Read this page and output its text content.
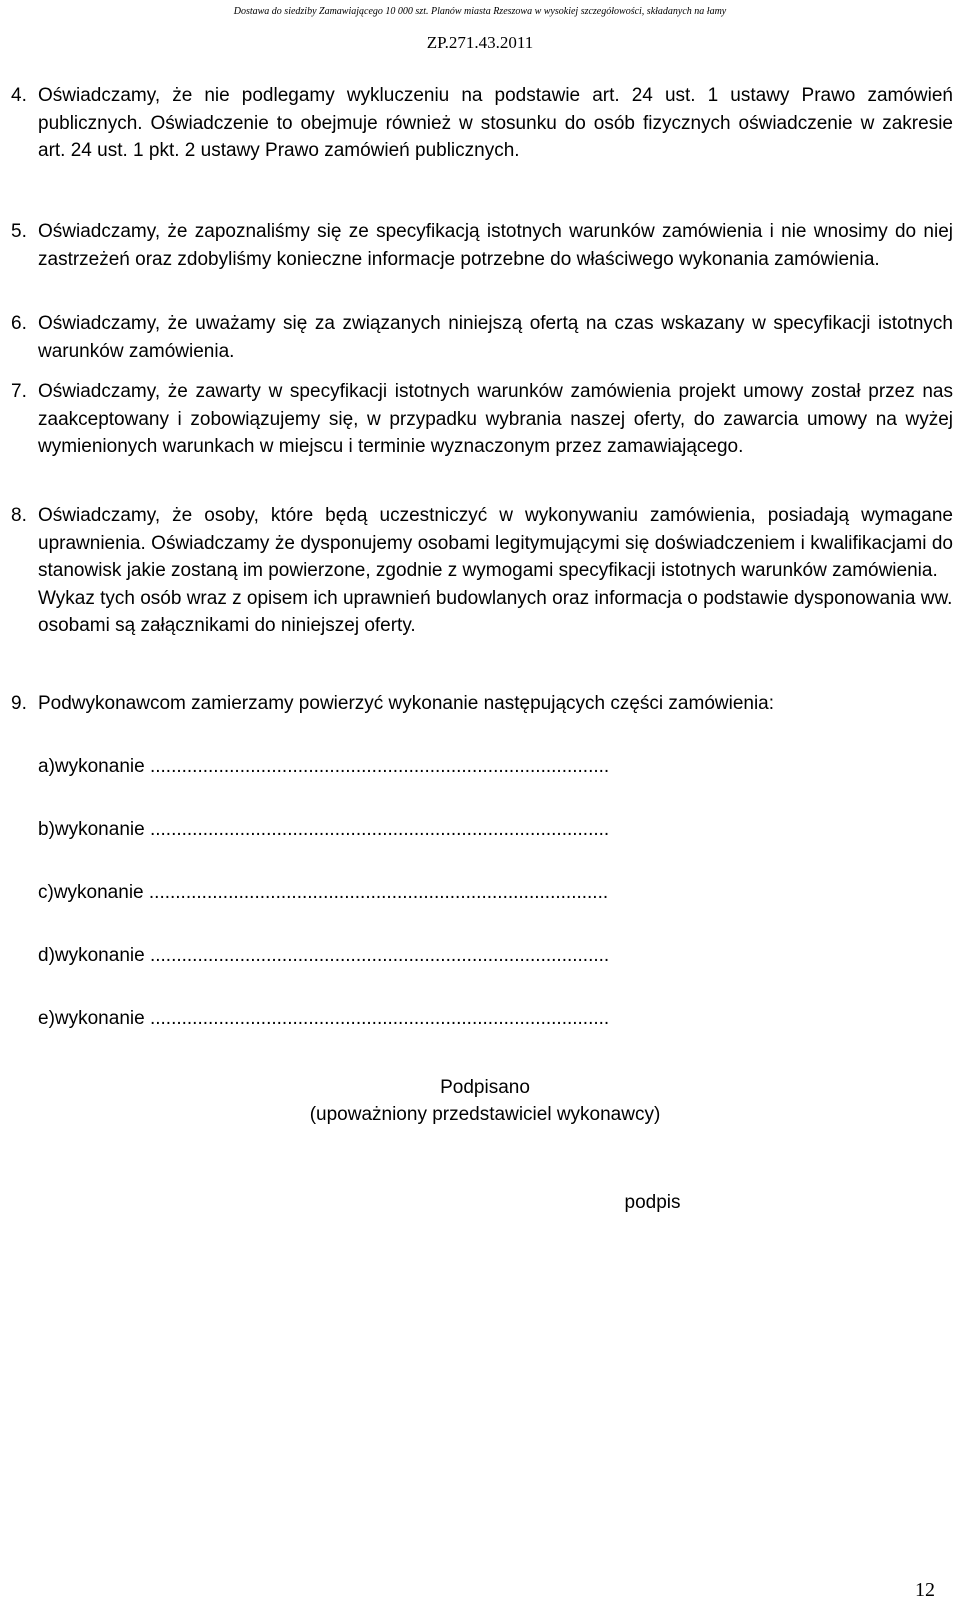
Dostawa do siedziby Zamawiającego 10 000 szt. Planów miasta Rzeszowa w wysokiej szczegółowości, składanych na łamy
ZP.271.43.2011
4. Oświadczamy, że nie podlegamy wykluczeniu na podstawie art. 24 ust. 1 ustawy Prawo zamówień publicznych. Oświadczenie to obejmuje również w stosunku do osób fizycznych oświadczenie w zakresie art. 24 ust. 1 pkt. 2 ustawy Prawo zamówień publicznych.
5. Oświadczamy, że zapoznaliśmy się ze specyfikacją istotnych warunków zamówienia i nie wnosimy do niej zastrzeżeń oraz zdobyliśmy konieczne informacje potrzebne do właściwego wykonania zamówienia.
6. Oświadczamy, że uważamy się za związanych niniejszą ofertą na czas wskazany w specyfikacji istotnych warunków zamówienia.
7. Oświadczamy, że zawarty w specyfikacji istotnych warunków zamówienia projekt umowy został przez nas zaakceptowany i zobowiązujemy się, w przypadku wybrania naszej oferty, do zawarcia umowy na wyżej wymienionych warunkach w miejscu i terminie wyznaczonym przez zamawiającego.
8. Oświadczamy, że osoby, które będą uczestniczyć w wykonywaniu zamówienia, posiadają wymagane uprawnienia. Oświadczamy że dysponujemy osobami legitymującymi się doświadczeniem i kwalifikacjami do stanowisk jakie zostaną im powierzone, zgodnie z wymogami specyfikacji istotnych warunków zamówienia.
Wykaz tych osób wraz z opisem ich uprawnień budowlanych oraz informacja o podstawie dysponowania ww. osobami są załącznikami do niniejszej oferty.
9. Podwykonawcom zamierzamy powierzyć wykonanie następujących części zamówienia:
a)wykonanie .......................................................................................
b)wykonanie .......................................................................................
c)wykonanie .......................................................................................
d)wykonanie .......................................................................................
e)wykonanie .......................................................................................
Podpisano
(upoważniony przedstawiciel wykonawcy)
podpis
12
